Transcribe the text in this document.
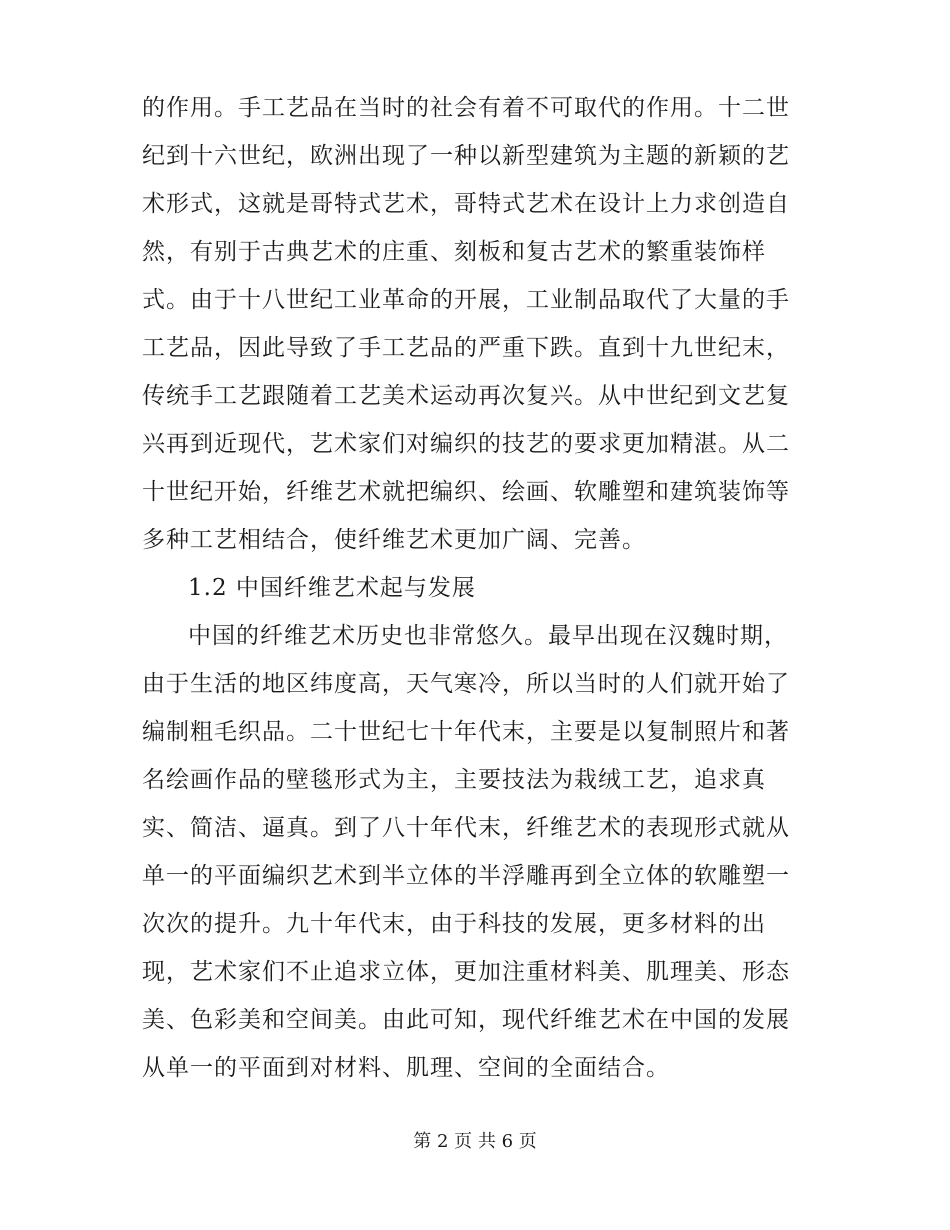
的作用。手工艺品在当时的社会有着不可取代的作用。十二世
纪到十六世纪，欧洲出现了一种以新型建筑为主题的新颖的艺
术形式，这就是哥特式艺术，哥特式艺术在设计上力求创造自
然，有别于古典艺术的庄重、刻板和复古艺术的繁重装饰样
式。由于十八世纪工业革命的开展，工业制品取代了大量的手
工艺品，因此导致了手工艺品的严重下跌。直到十九世纪末，
传统手工艺跟随着工艺美术运动再次复兴。从中世纪到文艺复
兴再到近现代，艺术家们对编织的技艺的要求更加精湛。从二
十世纪开始，纤维艺术就把编织、绘画、软雕塑和建筑装饰等
多种工艺相结合，使纤维艺术更加广阔、完善。
1.2 中国纤维艺术起与发展
中国的纤维艺术历史也非常悠久。最早出现在汉魏时期，
由于生活的地区纬度高，天气寒冷，所以当时的人们就开始了
编制粗毛织品。二十世纪七十年代末，主要是以复制照片和著
名绘画作品的壁毯形式为主，主要技法为栽绒工艺，追求真
实、简洁、逼真。到了八十年代末，纤维艺术的表现形式就从
单一的平面编织艺术到半立体的半浮雕再到全立体的软雕塑一
次次的提升。九十年代末，由于科技的发展，更多材料的出
现，艺术家们不止追求立体，更加注重材料美、肌理美、形态
美、色彩美和空间美。由此可知，现代纤维艺术在中国的发展
从单一的平面到对材料、肌理、空间的全面结合。
第 2 页 共 6 页
